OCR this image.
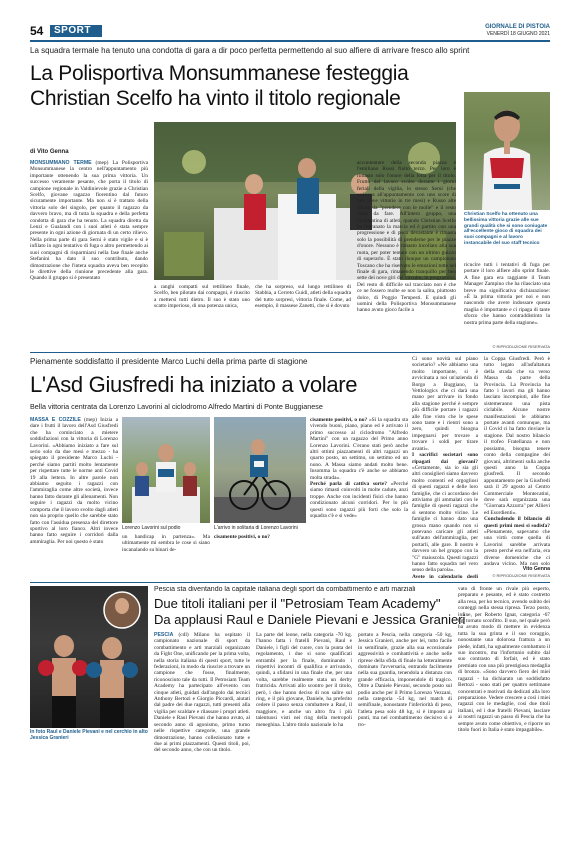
54 SPORT	GIORNALE DI PISTOIA
VENERDÌ 18 GIUGNO 2021
La squadra termale ha tenuto una condotta di gara a dir poco perfetta permettendo al suo alfiere di arrivare fresco allo sprint
La Polisportiva Monsummanese festeggia
Christian Scelfo ha vinto il titolo regionale
Christian Scelfo ha ottenuto una bellissima vittoria grazie alle sue grandi qualità che si sono coniugate all'eccellente gioco di squadra dei suoi compagni e al lavoro instancabile del suo staff tecnico
di Vito Genna
MONSUMMANO TERME (mep) La Polisportiva Monsummanese la centro nell'appuntamento più importante ottenendo la sua prima vittoria. Un successo veramente pesante, che porta il titolo di campione regionale in Valdinievole grazie a Christian Scelfo, giovane ragazzo fiorentino dal futuro sicuramente importante. Ma non si è trattato della vittoria solo del singolo, per quanto il ragazzo da davvero bravo, ma di tutta la squadra e della perfetta condotta di gara che ha tenuto. La squadra diretta da Lenzi e Gualandi con i suoi atleti è stata sempre presente in ogni azione di giornata di un certo rilievo. Nella prima parte di gara Serni è stato vigile e si è infilato in ogni tentativo di fuga o altro permettendo ai suoi compagni di risparmiarsi nella fase finale anche Stefanini ha dato il suo contributo, dando dimostrazione che l'intera squadra aveva ben recepito le direttive della riunione precedente alla gara. Quando il gruppo si è presentato
a ranghi compatti sul rettilineo finale, Scelfo, ben pilotato dai compagni, è riuscito a mettersi tutti dietro. Il suo è stato uno scatto imperioso, di una potenza unica,
che ha sorpreso, sul lungo rettilineo di Stabbia, a Cerreto Guidi, atleti della squadra del tutto sorpresi, vittoria finale. Come, ad esempio, il massese Zanetti, che si è dovuto
accontentare della seconda piazza e l'emiliano Rossi finito terzo. Per loro è rimasto solo l'onore della lotta per il titolo. Frutto del lavoro svolto durante i giorni feriali della vigilia, lo stesso Serni (che arrivava all'appuntamento con uno score di ben nove vittorie in tre mesi) e Russo alte chiare da "prendere con le molle" e il resto nulla da fare. All'intero gruppo, una cinquantina di atleti, quando Christian Scelfo ha ingranato la marcia ed è partito con una progressione e di poco devastante è rimasta solo la possibilità di prenderne per le piazze d'onore. Nessuno è rimasto incollato alla sua ruota, per poter tentare con un ultimo guizzo di superarlo. È stato dunque un campionato Toscano che ha riservato le emozioni tutte nel finale di gara, rimanendo tranquillo per ben sette dei nove giri del circuito, in programma. Del resto di difficile sul tracciato non è che ce ne fossero molte se non la salita, piuttosto dolce, di Poggio Tempesti. E quindi gli uomini della Polisportiva Monsummanese hanno avuto gioco facile a
ricucire tutti i tentativi di fuga per portare il loro alfiere allo sprint finale. A fine gara era raggiante il Team Manager Zampino che ha rilasciato una breve ma significativa dichiarazione: «È la prima vittoria per noi e non nascondo che avere indossare questa maglia è importante e ci ripaga di tante sforzo che hanno contraddistinto la nostra prima parte della stagione».
© RIPRODUZIONE RISERVATA
Pienamente soddisfatto il presidente Marco Luchi della prima parte di stagione
L'Asd Giusfredi ha iniziato a volare
Bella vittoria centrata da Lorenzo Lavorini al ciclodromo Alfredo Martini di Ponte Buggianese
MASSA E COZZILE (mep) Inizia a dare i frutti il lavoro dell'Asd Giusfredi che ha cominciato a mietere soddisfazioni con la vittoria di Lorenzo Lavorini. «Abbiamo iniziato a fare sul serio solo da due mesi e mezzo - ha spiegato il presidente Marco Luchi - perché siamo partiti molto lentamente per rispettare tutte le norme anti Covid 19 alla lettera. In altre parole non abbiamo seguito i ragazzi con l'ammiraglia come altre società, invece hanno fatto durante gli allenamenti. Non seguire i ragazzi da molto vicino comporta che il lavoro svolto dagli atleti non sia proprio quello che sarebbe stato fatto con l'assidua presenza del direttore sportivo al loro fianco. Altri invece hanno fatto seguire i corridori dalla ammiraglia. Per noi questo è stato
Lorenzo Lavorini sul podio	L'arrivo in solitaria di Lorenzo Lavorini
un handicap in partenza». Ma ultimamente mi sembra le cose si siano incanalando su binari de-
cisamente positivi, o no?
cisamente positivi, o no? «Sì la squadra sta vivendo buoni, piano, piano ed è arrivato il primo successo al ciclodromo "Alfredo Martini" con un ragazzo del Primo anno Lorenzo Lavorini. C'erano stati però anche altri ottimi piazzamenti di altri ragazzi un quarto posto, un settimo, un settimo ed un nono. A Massa siamo andati molto bene. Insomma la squadra c'è anche se abbiamo molta strada».
Perché parla di cattiva sorte? «Perché siamo rimasti coinvolti in molte cadute, anzi troppe. Anche con incidenti fisici che hanno condizionato alcuni corridori. Per lo più questi sono ragazzi più forti che solo la squadra c'è e si vede»
Ci sono novità sul piano societario? «Ne abbiamo una molto importante, si è avvicinata a noi un'azienda di Borgo a Buggiano, la Vettlologics che ci darà una mano per arrivare in fondo alla stagione perché è sempre più difficile portare i ragazzi alle fine visto che le spese sono tante e i rientri sono a zero, quindi bisogna impegnarsi per trovare a trovare i soldi per tirare avanti».
I sacrifici societari sono ripagati dai giovani? «Certamente, sia io sia gli altri consiglieri siamo davvero molto contenti ed orgogliosi di questi ragazzi e delle loro famiglie, che ci accordano dei attiviamo gli ammalati con le famiglie di questi ragazzi che si sentono molto vicine. Le famiglie ci hanno dato una grossa mano quando non si potevano caricare gli atleti sull'auto dell'ammiraglia, per portarli, alle gare. Il nostro è davvero un bel gruppo con la "G" maiuscola. Questi ragazzi hanno fatto squadra nel vero senso della parola».
Avete in calendario degli
la Coppa Giusfredi. Però è tutto legato all'asfaltatura della strada che va verso Massa da parte della Provincia. La Provincia ha fatto i lavori ma gli hanno lasciato incompiuti, alle fine sistemeranno una pista ciclabile. Alcune nostre manifestazioni le abbiamo portate avanti comunque, ma il Covid ci ha fatto rinviare la stagione. Dal nostro bilancio il trofeo Fratellanza e non possiamo, bisogna tenere conto della compagine dei giovani, altrimenti sulla anche questi anno la Coppa giusfredi. Il secondo appuntamento per la Giusfredi sarà il 29 agosto al Centro Commerciale Montecatini, dove sarà organizzata una "Giornata Azzurra" per Allievi ed Esordienti».
Concludendo il bilancio di questi primi mesi si sodisfa? «Pienamente, sapevamo che una virtù come quella di Lavorini sarebbe arrivata presto perché era nell'aria, era diverse domeniche che ci andava vicino. Ma non solo
Vito Genna
© RIPRODUZIONE RISERVATA
In foto Raul e Daniele Pievani e nel cerchio in alto Jessica Granieri
Pescia sta diventando la capitale italiana degli sport da combattimento e arti marziali
Due titoli italiani per il "Petrosiam Team Academy"
Da applausi Raul e Daniele Pievani e Jessica Granieri
PESCIA (cdl) Milano ha ospitato il campionato nazionale di sport da combattimento e arti marziali organizzato da Fight One, unificando per la prima volta, nella storia italiana di questi sport, tutte le federazioni, in modo da riuscire a trovare un campione che fosse, finalmente, riconosciuto tale da tutti. Il Petrosiam Team Academy ha partecipato all'evento con cinque atleti, guidati dall'angolo dai tecnici Anthony Bertozi e Giorgio Piccardi, aiutati dal padre dei due ragazzi, tutti presenti alla vigilia per scaldare e rilassare i propri atleti. Daniele e Raul Pievani che hanno avuto, al secondo anno di agonismo, primo turno nelle rispettive categorie, una grande dimostrazione, hanno collezionato tutte e due ai primi piazzamenti. Questi titoli, poi, del secondo anno, che con un titolo.
La parte del leone, nella categoria -70 kg. l'hanno fatta i fratelli Pievani, Raul e Daniele, i figli del cuore, con la punta del regolamento, i due si sono qualificati entrambi per la finale, dominando i rispettivi incontri di qualifica e arrivando, quindi, a sfidarsi in una finale che, per una volta, sarebbe realmente stata un derby fratricida. Arrivati allo scontro per il titolo, però, i due hanno deciso di non salire sul ring, e il più giovane, Daniele, ha preferito cedere il passo senza combattere a Raul, il maggiore, e anche un altro fra i più talentuosi visti nei ring della metropoli meneghina. L'altro titolo nazionale lo ha
portato a Pescia, nella categoria -50 kg, Jessica Granieri, anche per lei, tutto facile in semifinale, grazie alla sua eccezionale aggressività e combattività e anche nelle riprese della sfida di finale ha letteralmente dominato l'avversaria, entrando facilmente nella sua guardia, tenendola a distanza con grande efficacia, imponendole di tragico. Oltre a Daniele Pievani, secondo posto sul podio anche per il Primo Lorenzo Vezzani, nella categoria -54 kg, nel match di semifinale, nonostante l'inferiorità di peso, l'atleta pesa solo 48 kg, si è imposto ai punti, ma nel combattimento decisivo si è tro-
vato di fronte un rivale più esperto, preparato e pesante, ed è stato costretto alla resa, per ko tecnico, avendo subito dei conteggi nella stessa ripresa. Terzo posto, infine, per Roberto Ignat, categoria -67 kg, tornato sconfitto. Il suo, nel quale però ha avuto modo di mettere in evidenza tutta la sua grinta e il suo coraggio, nonostante una dolorosa frattura a un piede, infatti, ha ugualmente combattuto il suo incontro, ma l'infortunio subito dal suo contrasto di forfait, ed è stato premiato con una più prestigiosa medaglia di bronzo. «Sono davvero fiero dei miei ragazzi - ha dichiarato un soddisfatto Bertozi - sono stati per quattro settimane concentrati e motivati da dedicati alla loro preparazione. Vedere crescere a così i miei ragazzi con le medaglie, così due titoli italiani, ed i due fratelli Pievani, lasciare ai nostri ragazzi un passo di Pescia che ha sempre avuto come obiettivo, e riporre un titolo fuori in Italia è stato impagabile».
